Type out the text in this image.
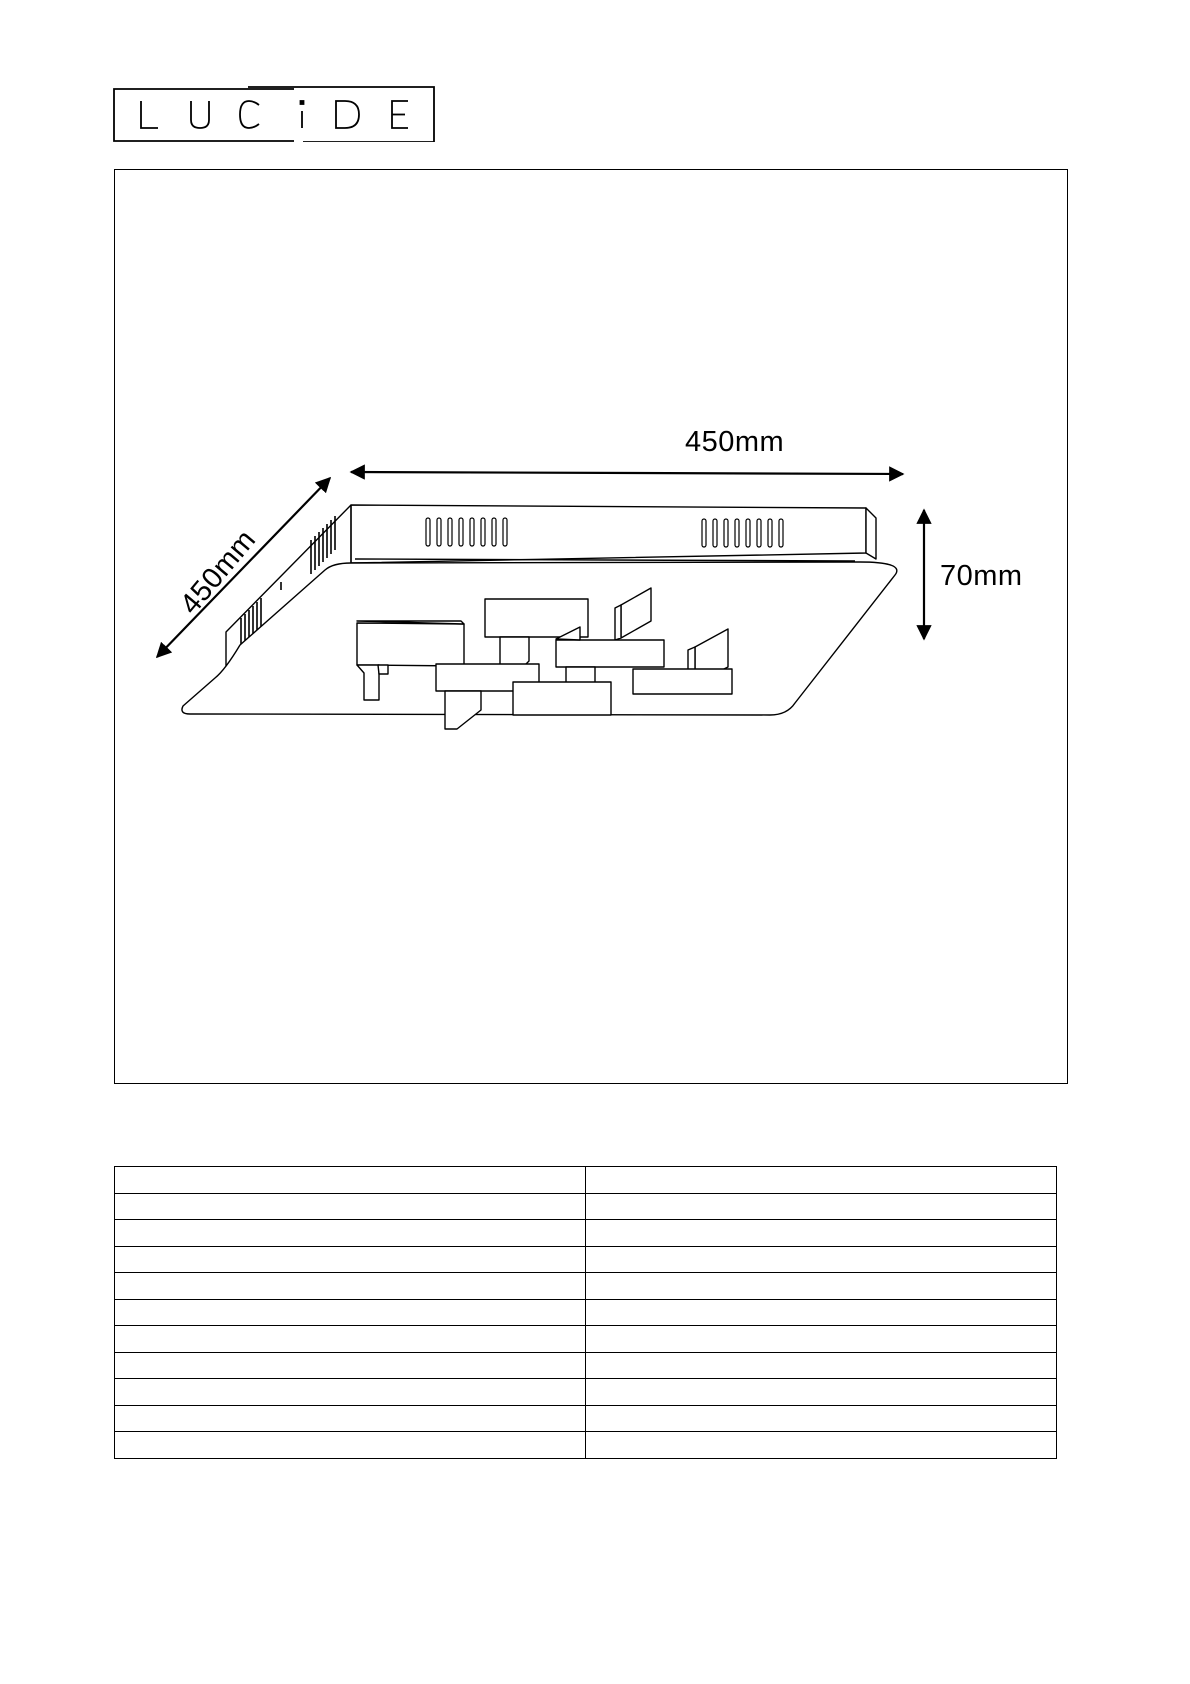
450mm
70mm
450mm
